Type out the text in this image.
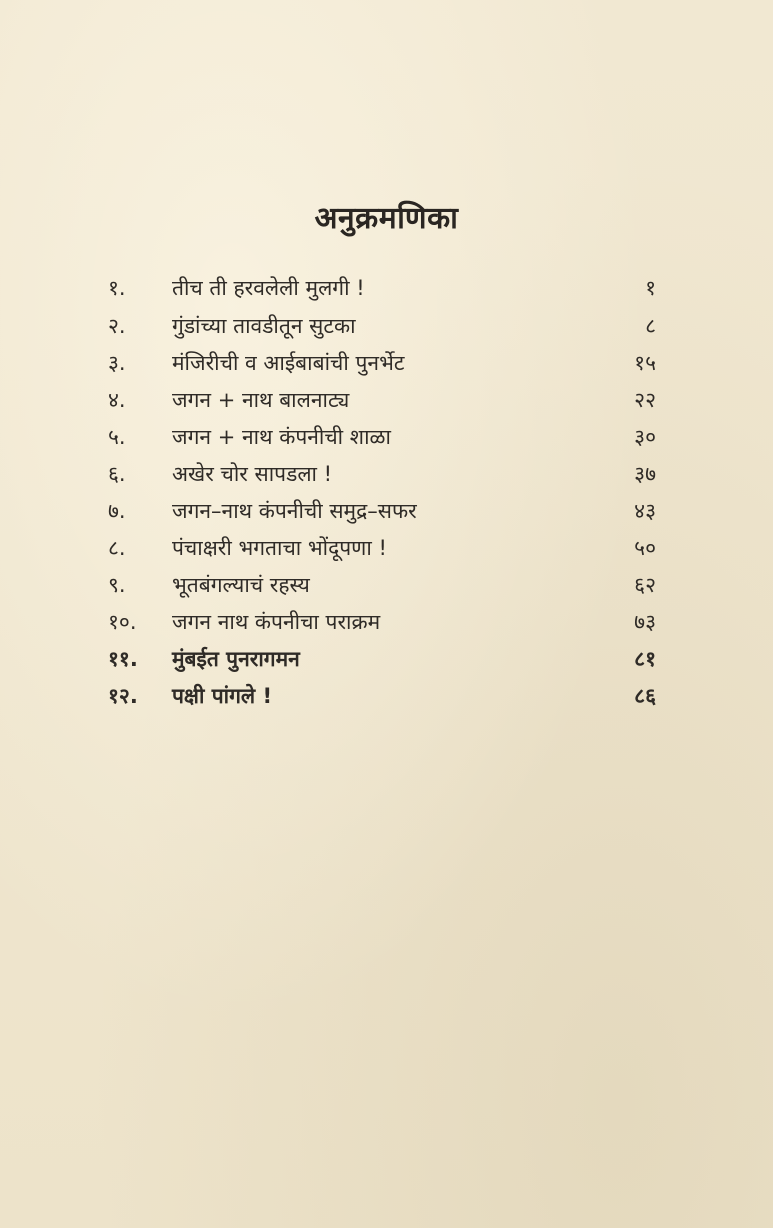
अनुक्रमणिका
१.	तीच ती हरवलेली मुलगी !	१
२.	गुंडांच्या तावडीतून सुटका	८
३.	मंजिरीची व आईबाबांची पुनर्भेट	१५
४.	जगन + नाथ बालनाट्य	२२
५.	जगन + नाथ कंपनीची शाळा	३०
६.	अखेर चोर सापडला !	३७
७.	जगन–नाथ कंपनीची समुद्र–सफर	४३
८.	पंचाक्षरी भगताचा भोंदूपणा !	५०
९.	भूतबंगल्याचं रहस्य	६२
१०.	जगन नाथ कंपनीचा पराक्रम	७३
११.	मुंबईत पुनरागमन	८१
१२.	पक्षी पांगले !	८६
